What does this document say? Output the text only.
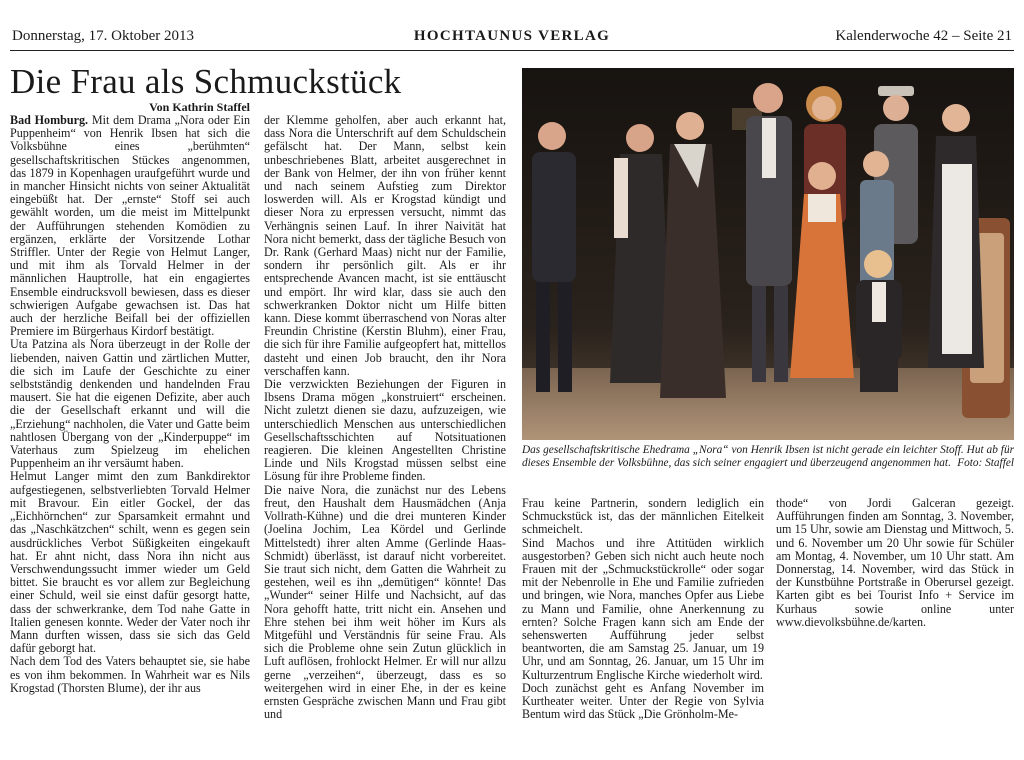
Donnerstag, 17. Oktober 2013	HOCHTAUNUS VERLAG	Kalenderwoche 42 – Seite 21
Die Frau als Schmuckstück

Bad Homburg. Mit dem Drama „Nora oder Ein Puppenheim“ von Henrik Ibsen hat sich die Volksbühne eines „berühmten“ gesellschaftskritischen Stückes angenommen, das 1879 in Kopenhagen uraufgeführt wurde und in mancher Hinsicht nichts von seiner Aktualität eingebüßt hat. Der „ernste“ Stoff sei auch gewählt worden, um die meist im Mittelpunkt der Aufführungen stehenden Komödien zu ergänzen, erklärte der Vorsitzende Lothar Striffler. Unter der Regie von Helmut Langer, und mit ihm als Torvald Helmer in der männlichen Hauptrolle, hat ein engagiertes Ensemble eindrucksvoll bewiesen, dass es dieser schwierigen Aufgabe gewachsen ist. Das hat auch der herzliche Beifall bei der offiziellen Premiere im Bürgerhaus Kirdorf bestätigt.

Uta Patzina als Nora überzeugt in der Rolle der liebenden, naiven Gattin und zärtlichen Mutter, die sich im Laufe der Geschichte zu einer selbstständig denkenden und handelnden Frau mausert. Sie hat die eigenen Defizite, aber auch die der Gesellschaft erkannt und will die „Erziehung“ nachholen, die Vater und Gatte beim nahtlosen Übergang von der „Kinderpuppe“ im Vaterhaus zum Spielzeug im ehelichen Puppenheim an ihr versäumt haben.

Helmut Langer mimt den zum Bankdirektor aufgestiegenen, selbstverliebten Torvald Helmer mit Bravour. Ein eitler Gockel, der das „Eichhörnchen“ zur Sparsamkeit ermahnt und das „Naschkätzchen“ schilt, wenn es gegen sein ausdrückliches Verbot Süßigkeiten eingekauft hat. Er ahnt nicht, dass Nora ihn nicht aus Verschwendungssucht immer wieder um Geld bittet. Sie braucht es vor allem zur Begleichung einer Schuld, weil sie einst dafür gesorgt hatte, dass der schwerkranke, dem Tod nahe Gatte in Italien genesen konnte. Weder der Vater noch ihr Mann durften wissen, dass sie sich das Geld dafür geborgt hat.

Nach dem Tod des Vaters behauptet sie, sie habe es von ihm bekommen. In Wahrheit war es Nils Krogstad (Thorsten Blume), der ihr aus

Von Kathrin Staffel

der Klemme geholfen, aber auch erkannt hat, dass Nora die Unterschrift auf dem Schuldschein gefälscht hat. Der Mann, selbst kein unbeschriebenes Blatt, arbeitet ausgerechnet in der Bank von Helmer, der ihn von früher kennt und nach seinem Aufstieg zum Direktor loswerden will. Als er Krogstad kündigt und dieser Nora zu erpressen versucht, nimmt das Verhängnis seinen Lauf. In ihrer Naivität hat Nora nicht bemerkt, dass der tägliche Besuch von Dr. Rank (Gerhard Maas) nicht nur der Familie, sondern ihr persönlich gilt. Als er ihr entsprechende Avancen macht, ist sie enttäuscht und empört. Ihr wird klar, dass sie auch den schwerkranken Doktor nicht um Hilfe bitten kann. Diese kommt überraschend von Noras alter Freundin Christine (Kerstin Bluhm), einer Frau, die sich für ihre Familie aufgeopfert hat, mittellos dasteht und einen Job braucht, den ihr Nora verschaffen kann.

Die verzwickten Beziehungen der Figuren in Ibsens Drama mögen „konstruiert“ erscheinen. Nicht zuletzt dienen sie dazu, aufzuzeigen, wie unterschiedlich Menschen aus unterschiedlichen Gesellschaftsschichten auf Notsituationen reagieren. Die kleinen Angestellten Christine Linde und Nils Krogstad müssen selbst eine Lösung für ihre Probleme finden.

Die naive Nora, die zunächst nur des Lebens freut, den Haushalt dem Hausmädchen (Anja Vollrath-Kühne) und die drei munteren Kinder (Joelina Jochim, Lea Kördel und Gerlinde Mittelstedt) ihrer alten Amme (Gerlinde Haas-Schmidt) überlässt, ist darauf nicht vorbereitet. Sie traut sich nicht, dem Gatten die Wahrheit zu gestehen, weil es ihn „demütigen“ könnte! Das „Wunder“ seiner Hilfe und Nachsicht, auf das Nora gehofft hatte, tritt nicht ein. Ansehen und Ehre stehen bei ihm weit höher im Kurs als Mitgefühl und Verständnis für seine Frau. Als sich die Probleme ohne sein Zutun glücklich in Luft auflösen, frohlockt Helmer. Er will nur allzu gerne „verzeihen“, überzeugt, dass es so weitergehen wird in einer Ehe, in der es keine ernsten Gespräche zwischen Mann und Frau gibt und

Das gesellschaftskritische Ehedrama „Nora“ von Henrik Ibsen ist nicht gerade ein leichter Stoff. Hut ab für dieses Ensemble der Volksbühne, das sich seiner engagiert und überzeugend angenommen hat. Foto: Staffel

Frau keine Partnerin, sondern lediglich ein Schmuckstück ist, das der männlichen Eitelkeit schmeichelt.

Sind Machos und ihre Attitüden wirklich ausgestorben? Geben sich nicht auch heute noch Frauen mit der „Schmuckstückrolle“ oder sogar mit der Nebenrolle in Ehe und Familie zufrieden und bringen, wie Nora, manches Opfer aus Liebe zu Mann und Familie, ohne Anerkennung zu ernten? Solche Fragen kann sich am Ende der sehenswerten Aufführung jeder selbst beantworten, die am Samstag 25. Januar, um 19 Uhr, und am Sonntag, 26. Januar, um 15 Uhr im Kulturzentrum Englische Kirche wiederholt wird.

Doch zunächst geht es Anfang November im Kurtheater weiter. Unter der Regie von Sylvia Bentum wird das Stück „Die Grönholm-Me-

thode“ von Jordi Galceran gezeigt. Aufführungen finden am Sonntag, 3. November, um 15 Uhr, sowie am Dienstag und Mittwoch, 5. und 6. November um 20 Uhr sowie für Schüler am Montag, 4. November, um 10 Uhr statt. Am Donnerstag, 14. November, wird das Stück in der Kunstbühne Portstraße in Oberursel gezeigt. Karten gibt es bei Tourist Info + Service im Kurhaus sowie online unter www.dievolksbühne.de/karten.
